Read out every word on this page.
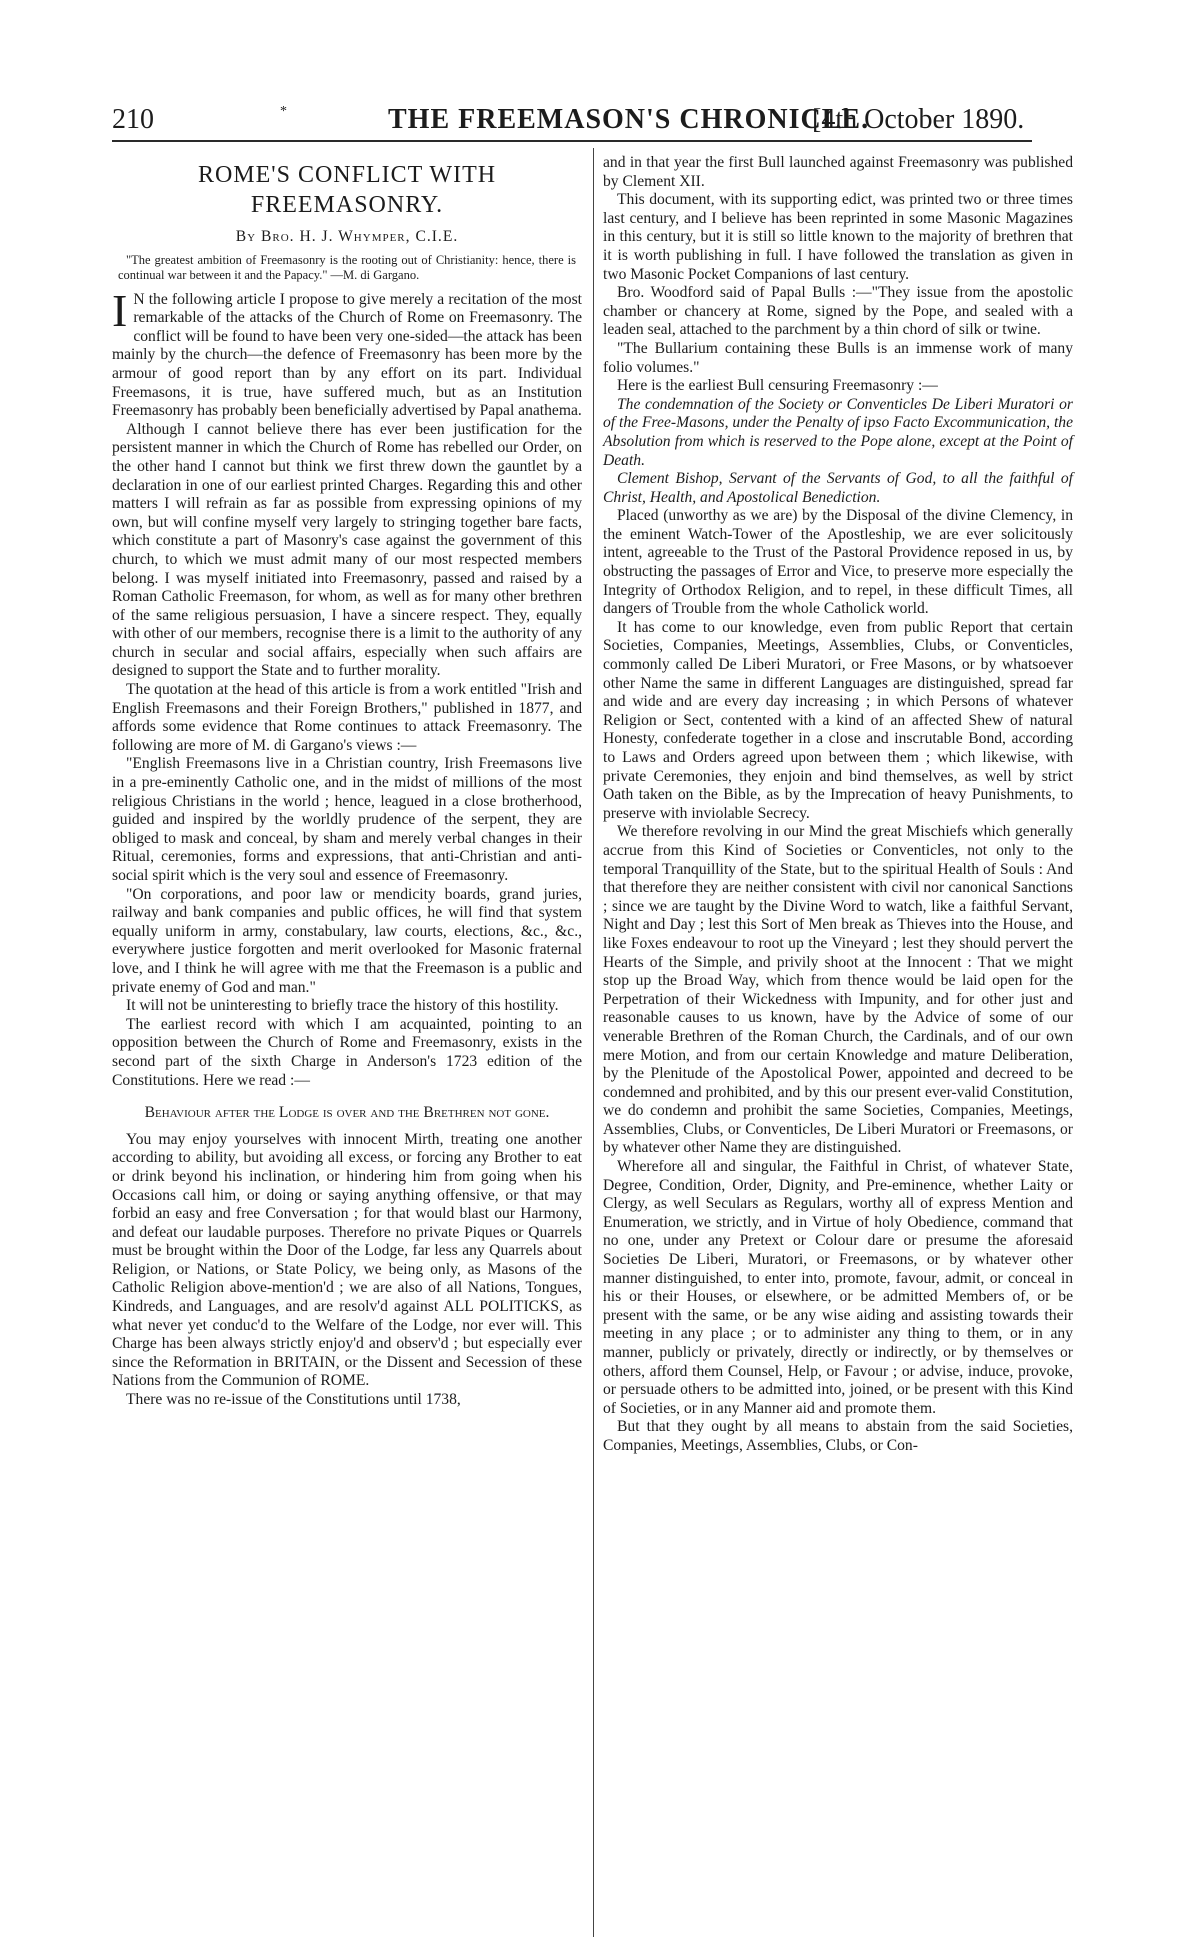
210	*	THE FREEMASON'S CHRONICLE.
[4th October 1890.

ROME'S CONFLICT WITH FREEMASONRY.

By Bro. H. J. Whymper, C.I.E.

"The greatest ambition of Freemasonry is the rooting out of Christianity: hence, there is continual war between it and the Papacy." —M. di Gargano.

I N the following article I propose to give merely a recitation of the most remarkable of the attacks of the Church of Rome on Freemasonry. The conflict will be found to have been very one-sided—the attack has been mainly by the church—the defence of Freemasonry has been more by the armour of good report than by any effort on its part. Individual Freemasons, it is true, have suffered much, but as an Institution Freemasonry has probably been beneficially advertised by Papal anathema.

Although I cannot believe there has ever been justification for the persistent manner in which the Church of Rome has rebelled our Order, on the other hand I cannot but think we first threw down the gauntlet by a declaration in one of our earliest printed Charges. Regarding this and other matters I will refrain as far as possible from expressing opinions of my own, but will confine myself very largely to stringing together bare facts, which constitute a part of Masonry's case against the government of this church, to which we must admit many of our most respected members belong. I was myself initiated into Freemasonry, passed and raised by a Roman Catholic Freemason, for whom, as well as for many other brethren of the same religious persuasion, I have a sincere respect. They, equally with other of our members, recognise there is a limit to the authority of any church in secular and social affairs, especially when such affairs are designed to support the State and to further morality.

The quotation at the head of this article is from a work entitled "Irish and English Freemasons and their Foreign Brothers," published in 1877, and affords some evidence that Rome continues to attack Freemasonry. The following are more of M. di Gargano's views :—

"English Freemasons live in a Christian country, Irish Freemasons live in a pre-eminently Catholic one, and in the midst of millions of the most religious Christians in the world ; hence, leagued in a close brotherhood, guided and inspired by the worldly prudence of the serpent, they are obliged to mask and conceal, by sham and merely verbal changes in their Ritual, ceremonies, forms and expressions, that anti-Christian and anti-social spirit which is the very soul and essence of Freemasonry.

"On corporations, and poor law or mendicity boards, grand juries, railway and bank companies and public offices, he will find that system equally uniform in army, constabulary, law courts, elections, &c., &c., everywhere justice forgotten and merit overlooked for Masonic fraternal love, and I think he will agree with me that the Freemason is a public and private enemy of God and man."

It will not be uninteresting to briefly trace the history of this hostility.

The earliest record with which I am acquainted, pointing to an opposition between the Church of Rome and Freemasonry, exists in the second part of the sixth Charge in Anderson's 1723 edition of the Constitutions. Here we read :—

Behaviour after the Lodge is over and the Brethren not gone.

You may enjoy yourselves with innocent Mirth, treating one another according to ability, but avoiding all excess, or forcing any Brother to eat or drink beyond his inclination, or hindering him from going when his Occasions call him, or doing or saying anything offensive, or that may forbid an easy and free Conversation ; for that would blast our Harmony, and defeat our laudable purposes. Therefore no private Piques or Quarrels must be brought within the Door of the Lodge, far less any Quarrels about Religion, or Nations, or State Policy, we being only, as Masons of the Catholic Religion above-mention'd ; we are also of all Nations, Tongues, Kindreds, and Languages, and are resolv'd against ALL POLITICKS, as what never yet conduc'd to the Welfare of the Lodge, nor ever will. This Charge has been always strictly enjoy'd and observ'd ; but especially ever since the Reformation in BRITAIN, or the Dissent and Secession of these Nations from the Communion of ROME.

There was no re-issue of the Constitutions until 1738,

and in that year the first Bull launched against Freemasonry was published by Clement XII.

This document, with its supporting edict, was printed two or three times last century, and I believe has been reprinted in some Masonic Magazines in this century, but it is still so little known to the majority of brethren that it is worth publishing in full. I have followed the translation as given in two Masonic Pocket Companions of last century.

Bro. Woodford said of Papal Bulls :—"They issue from the apostolic chamber or chancery at Rome, signed by the Pope, and sealed with a leaden seal, attached to the parchment by a thin chord of silk or twine.

"The Bullarium containing these Bulls is an immense work of many folio volumes."

Here is the earliest Bull censuring Freemasonry :—

The condemnation of the Society or Conventicles De Liberi Muratori or of the Free-Masons, under the Penalty of ipso Facto Excommunication, the Absolution from which is reserved to the Pope alone, except at the Point of Death.

Clement Bishop, Servant of the Servants of God, to all the faithful of Christ, Health, and Apostolical Benediction.

Placed (unworthy as we are) by the Disposal of the divine Clemency, in the eminent Watch-Tower of the Apostleship, we are ever solicitously intent, agreeable to the Trust of the Pastoral Providence reposed in us, by obstructing the passages of Error and Vice, to preserve more especially the Integrity of Orthodox Religion, and to repel, in these difficult Times, all dangers of Trouble from the whole Catholick world.

It has come to our knowledge, even from public Report that certain Societies, Companies, Meetings, Assemblies, Clubs, or Conventicles, commonly called De Liberi Muratori, or Free Masons, or by whatsoever other Name the same in different Languages are distinguished, spread far and wide and are every day increasing ; in which Persons of whatever Religion or Sect, contented with a kind of an affected Shew of natural Honesty, confederate together in a close and inscrutable Bond, according to Laws and Orders agreed upon between them ; which likewise, with private Ceremonies, they enjoin and bind themselves, as well by strict Oath taken on the Bible, as by the Imprecation of heavy Punishments, to preserve with inviolable Secrecy.

We therefore revolving in our Mind the great Mischiefs which generally accrue from this Kind of Societies or Conventicles, not only to the temporal Tranquillity of the State, but to the spiritual Health of Souls : And that therefore they are neither consistent with civil nor canonical Sanctions ; since we are taught by the Divine Word to watch, like a faithful Servant, Night and Day ; lest this Sort of Men break as Thieves into the House, and like Foxes endeavour to root up the Vineyard ; lest they should pervert the Hearts of the Simple, and privily shoot at the Innocent : That we might stop up the Broad Way, which from thence would be laid open for the Perpetration of their Wickedness with Impunity, and for other just and reasonable causes to us known, have by the Advice of some of our venerable Brethren of the Roman Church, the Cardinals, and of our own mere Motion, and from our certain Knowledge and mature Deliberation, by the Plenitude of the Apostolical Power, appointed and decreed to be condemned and prohibited, and by this our present ever-valid Constitution, we do condemn and prohibit the same Societies, Companies, Meetings, Assemblies, Clubs, or Conventicles, De Liberi Muratori or Freemasons, or by whatever other Name they are distinguished.

Wherefore all and singular, the Faithful in Christ, of whatever State, Degree, Condition, Order, Dignity, and Pre-eminence, whether Laity or Clergy, as well Seculars as Regulars, worthy all of express Mention and Enumeration, we strictly, and in Virtue of holy Obedience, command that no one, under any Pretext or Colour dare or presume the aforesaid Societies De Liberi, Muratori, or Freemasons, or by whatever other manner distinguished, to enter into, promote, favour, admit, or conceal in his or their Houses, or elsewhere, or be admitted Members of, or be present with the same, or be any wise aiding and assisting towards their meeting in any place ; or to administer any thing to them, or in any manner, publicly or privately, directly or indirectly, or by themselves or others, afford them Counsel, Help, or Favour ; or advise, induce, provoke, or persuade others to be admitted into, joined, or be present with this Kind of Societies, or in any Manner aid and promote them.

But that they ought by all means to abstain from the said Societies, Companies, Meetings, Assemblies, Clubs, or Con-
